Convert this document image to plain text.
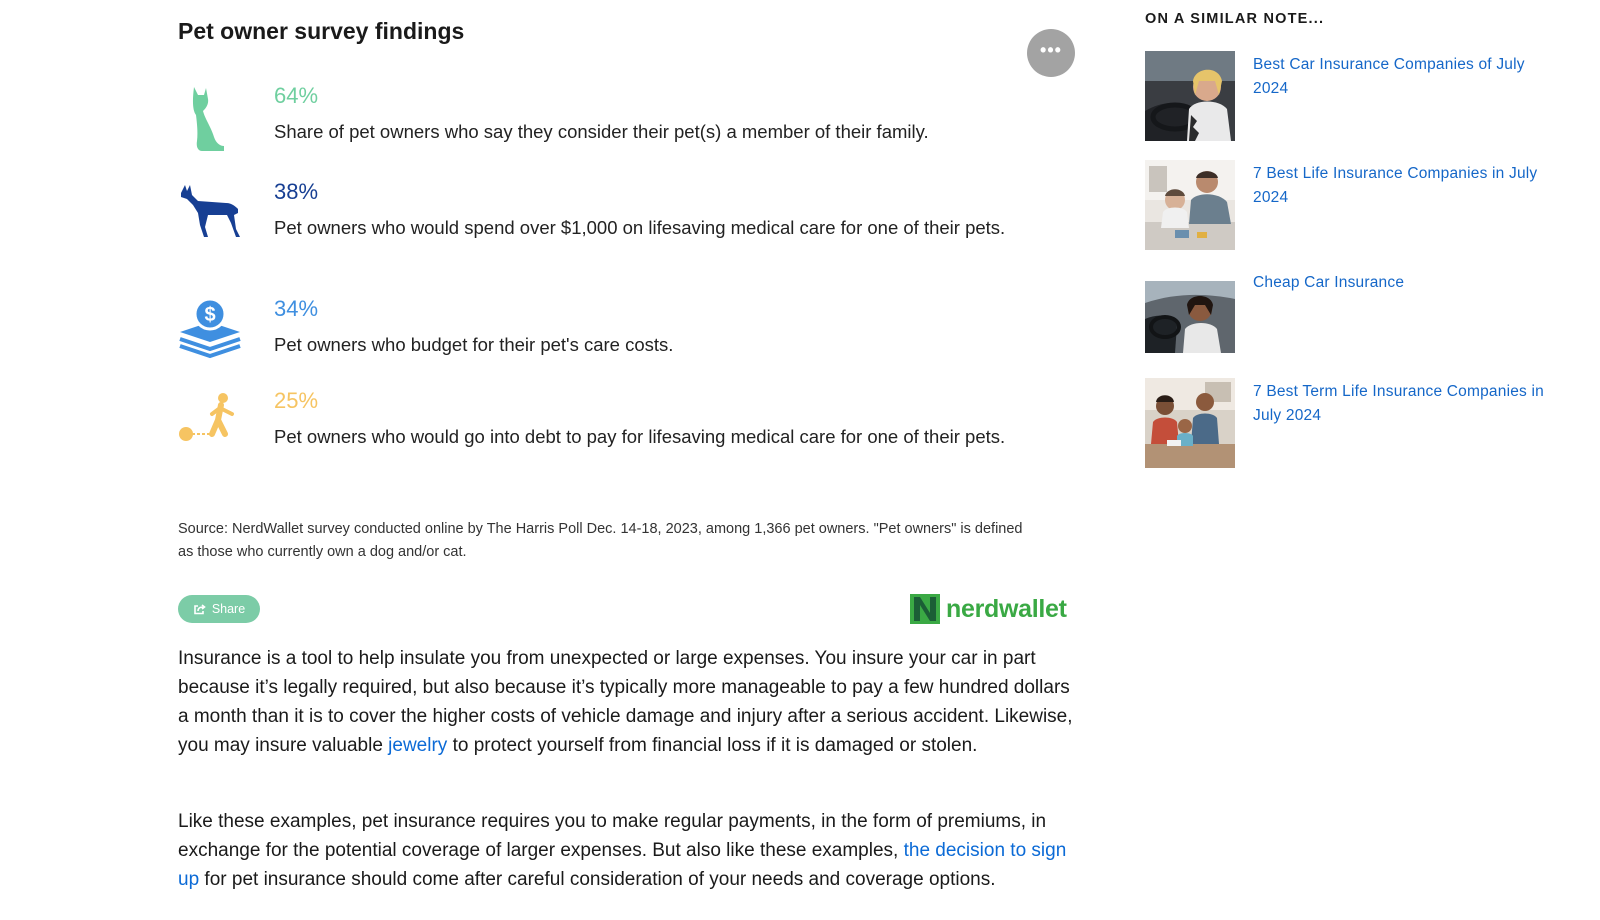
Pet owner survey findings
•••

64%

Share of pet owners who say they consider their pet(s) a member of their family.

38%

Pet owners who would spend over $1,000 on lifesaving medical care for one of their pets.

$	34%

Pet owners who budget for their pet's care costs.

25%

Pet owners who would go into debt to pay for lifesaving medical care for one of their pets.

Source: NerdWallet survey conducted online by The Harris Poll Dec. 14-18, 2023, among 1,366 pet owners. "Pet owners" is defined as those who currently own a dog and/or cat.

Share	nerdwallet

Insurance is a tool to help insulate you from unexpected or large expenses. You insure your car in part because it’s legally required, but also because it’s typically more manageable to pay a few hundred dollars a month than it is to cover the higher costs of vehicle damage and injury after a serious accident. Likewise, you may insure valuable jewelry to protect yourself from financial loss if it is damaged or stolen.

Like these examples, pet insurance requires you to make regular payments, in the form of premiums, in exchange for the potential coverage of larger expenses. But also like these examples, the decision to sign up for pet insurance should come after careful consideration of your needs and coverage options.

ON A SIMILAR NOTE...
Best Car Insurance Companies of July 2024
7 Best Life Insurance Companies in July 2024
Cheap Car Insurance
7 Best Term Life Insurance Companies in July 2024
